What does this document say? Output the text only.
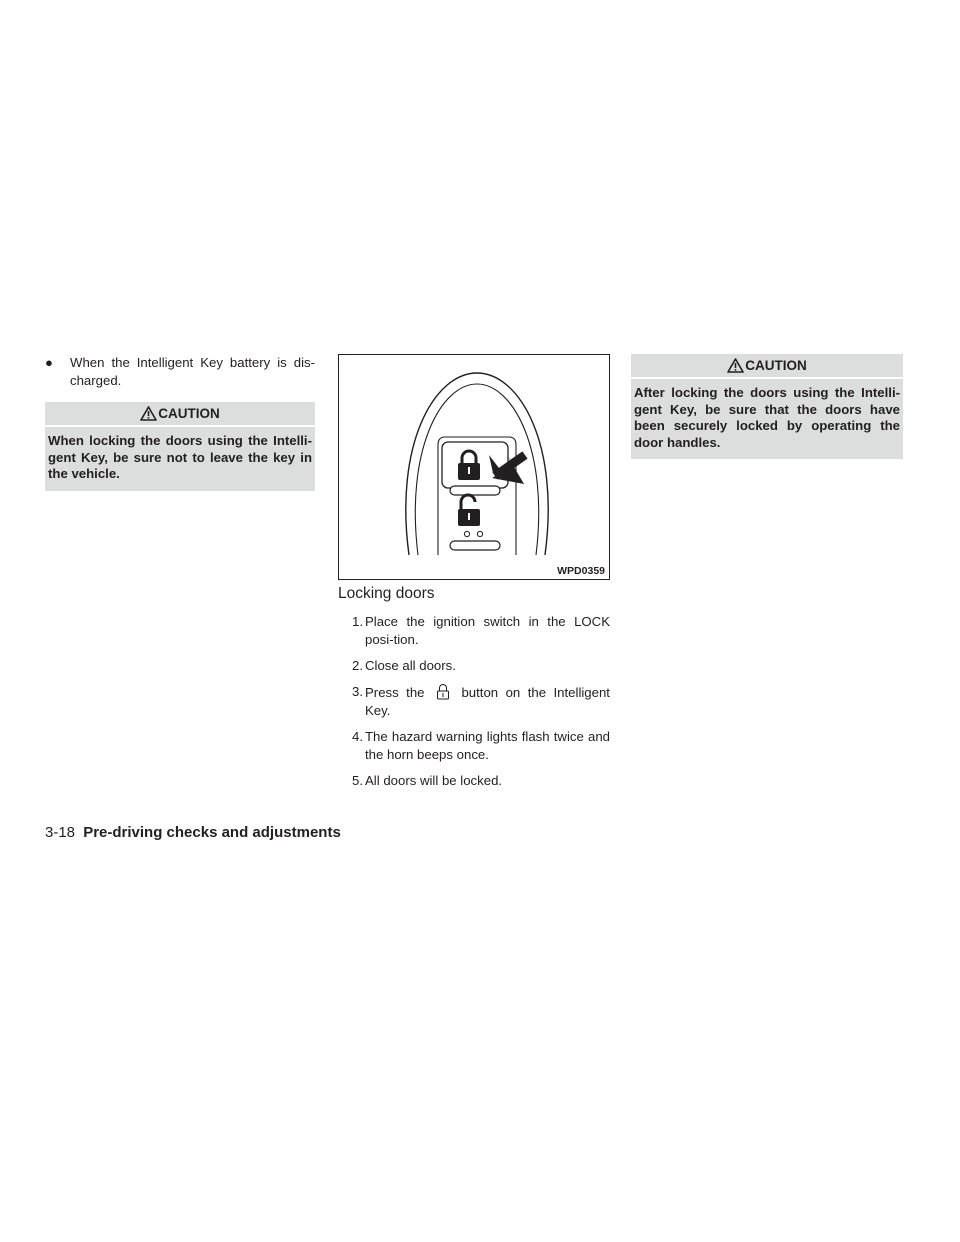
●	When the Intelligent Key battery is dis-charged.
CAUTION
When locking the doors using the Intelli-gent Key, be sure not to leave the key in the vehicle.
WPD0359
Locking doors
1. Place the ignition switch in the LOCK posi-tion.
2. Close all doors.
3. Press the	button on the Intelligent Key.
4. The hazard warning lights flash twice and the horn beeps once.
5. All doors will be locked.
CAUTION
After locking the doors using the Intelli-gent Key, be sure that the doors have been securely locked by operating the door handles.
3-18 Pre-driving checks and adjustments
